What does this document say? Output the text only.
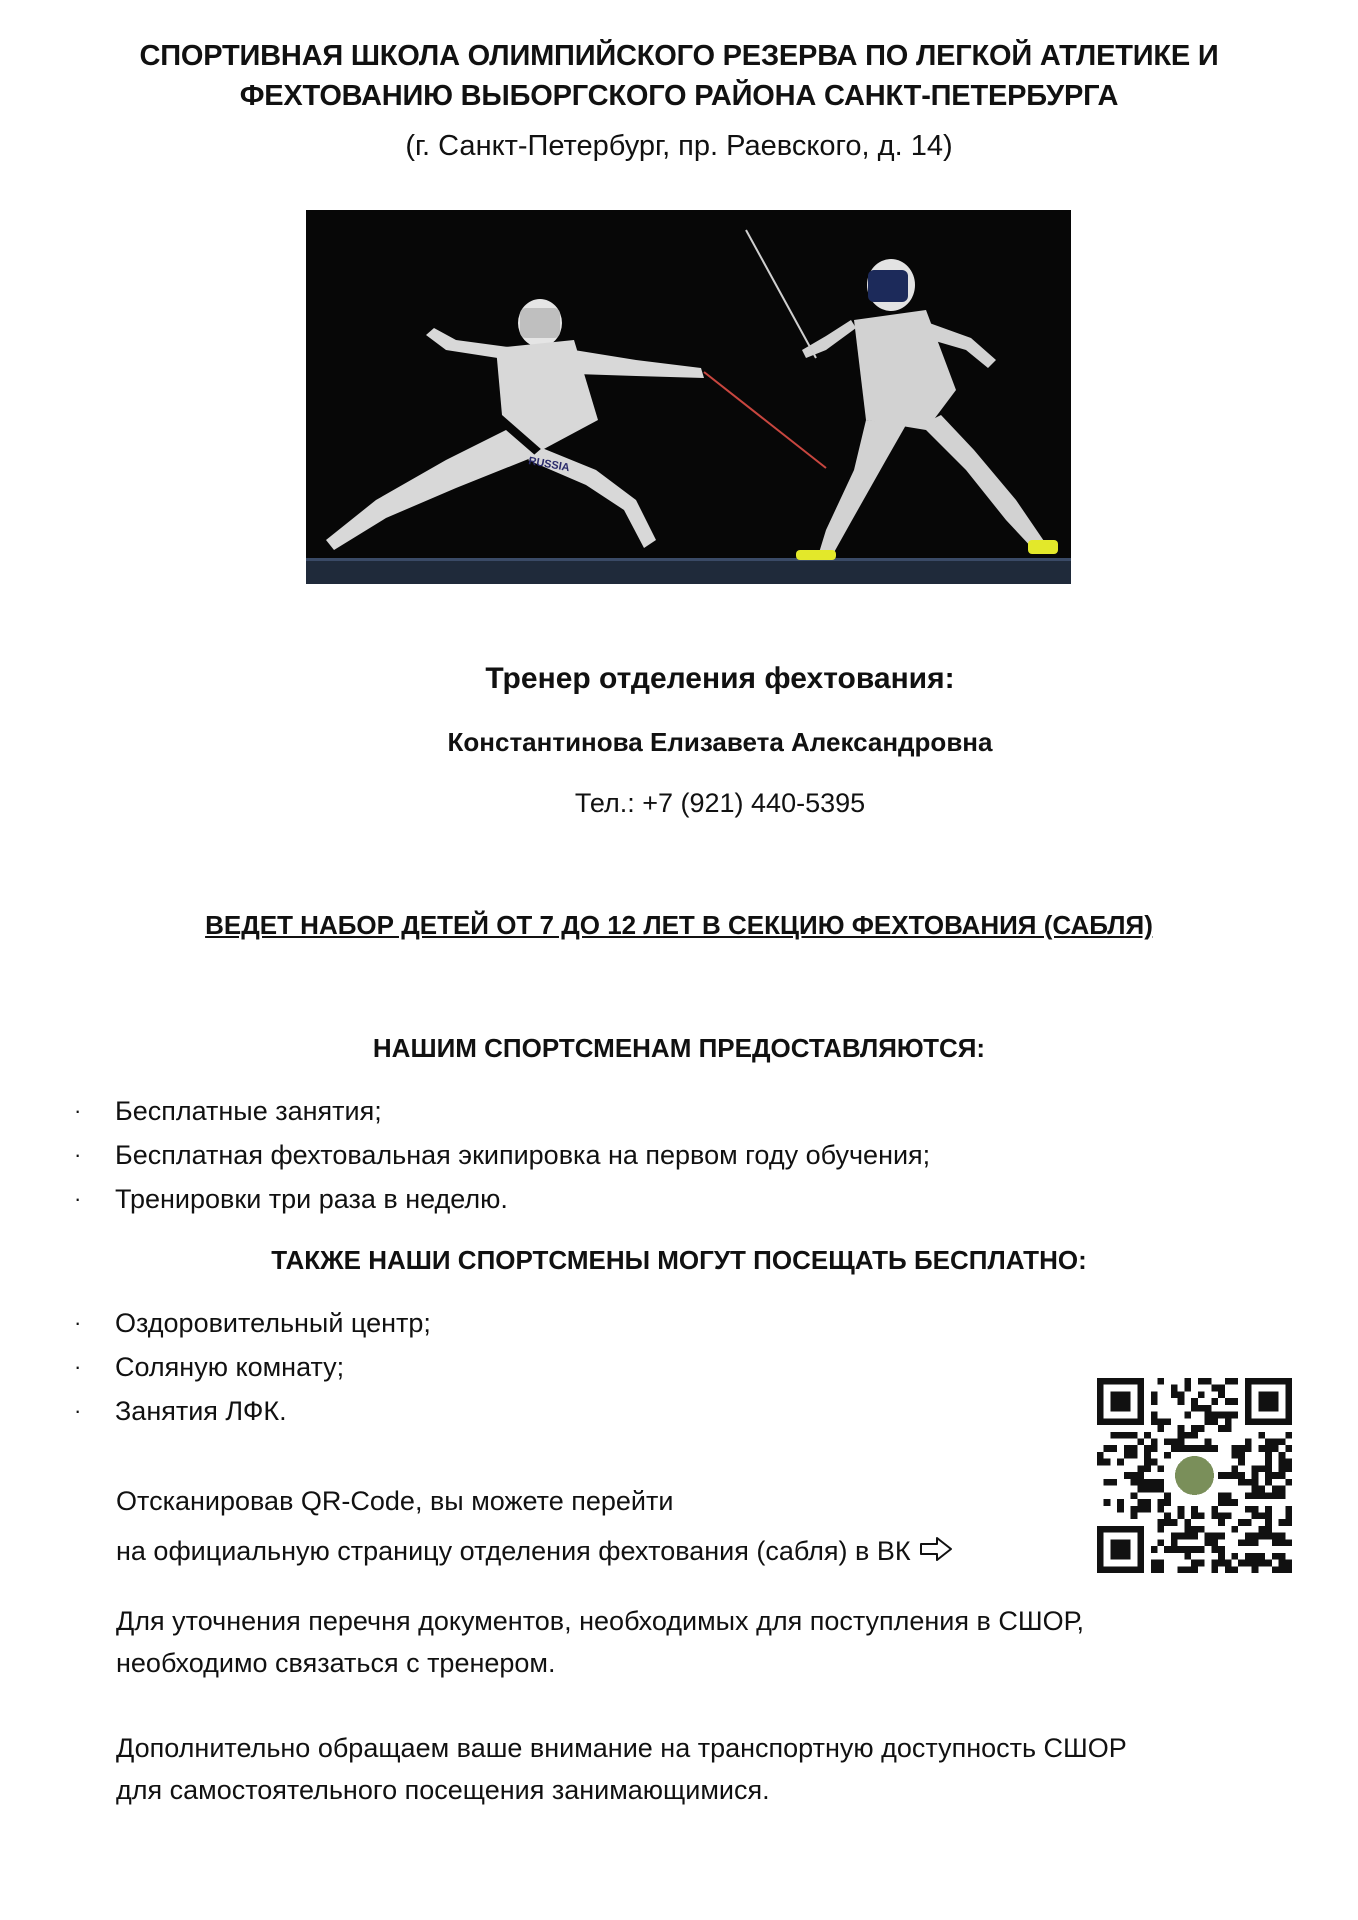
СПОРТИВНАЯ ШКОЛА ОЛИМПИЙСКОГО РЕЗЕРВА ПО ЛЕГКОЙ АТЛЕТИКЕ И
ФЕХТОВАНИЮ ВЫБОРГСКОГО РАЙОНА САНКТ-ПЕТЕРБУРГА
(г. Санкт-Петербург, пр. Раевского, д. 14)
RUSSIA
Тренер отделения фехтования:
Константинова Елизавета Александровна
Тел.: +7 (921) 440-5395
ВЕДЕТ НАБОР ДЕТЕЙ ОТ 7 ДО 12 ЛЕТ В СЕКЦИЮ ФЕХТОВАНИЯ (САБЛЯ)
НАШИМ СПОРТСМЕНАМ ПРЕДОСТАВЛЯЮТСЯ:
· Бесплатные занятия;
· Бесплатная фехтовальная экипировка на первом году обучения;
· Тренировки три раза в неделю.
ТАКЖЕ НАШИ СПОРТСМЕНЫ МОГУТ ПОСЕЩАТЬ БЕСПЛАТНО:
· Оздоровительный центр;
· Соляную комнату;
· Занятия ЛФК.
Отсканировав QR-Code, вы можете перейти
на официальную страницу отделения фехтования (сабля) в ВК
Для уточнения перечня документов, необходимых для поступления в СШОР,
необходимо связаться с тренером.
Дополнительно обращаем ваше внимание на транспортную доступность СШОР
для самостоятельного посещения занимающимися.
